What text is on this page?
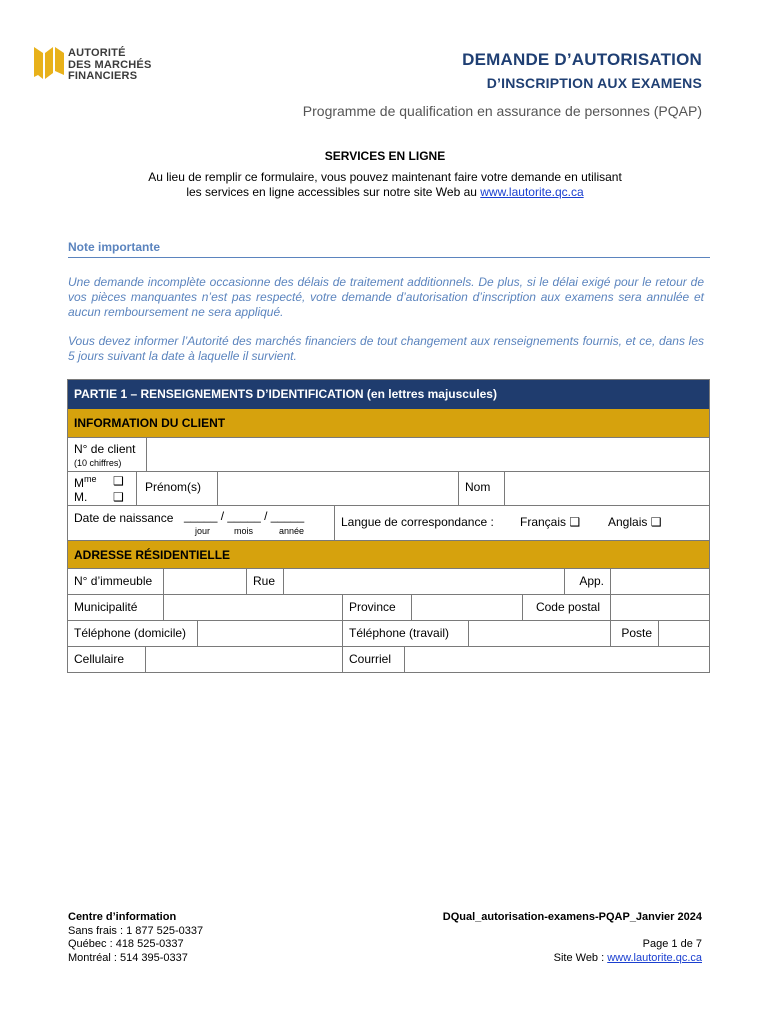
AUTORITÉ
DES MARCHÉS
FINANCIERS
DEMANDE D’AUTORISATION
D’INSCRIPTION AUX EXAMENS
Programme de qualification en assurance de personnes (PQAP)
SERVICES EN LIGNE
Au lieu de remplir ce formulaire, vous pouvez maintenant faire votre demande en utilisant
les services en ligne accessibles sur notre site Web au www.lautorite.qc.ca
Note importante
Une demande incomplète occasionne des délais de traitement additionnels. De plus, si le délai exigé pour le retour de vos pièces manquantes n’est pas respecté, votre demande d’autorisation d’inscription aux examens sera annulée et aucun remboursement ne sera appliqué.
Vous devez informer l’Autorité des marchés financiers de tout changement aux renseignements fournis, et ce, dans les 5 jours suivant la date à laquelle il survient.
PARTIE 1 – RENSEIGNEMENTS D’IDENTIFICATION (en lettres majuscules)
INFORMATION DU CLIENT
N° de client
(10 chiffres)
$M^{me}$ ❑
M. ❑
Prénom(s)	Nom
Date de naissance _____ / _____ / _____
jour	mois	année
Langue de correspondance : Français ❑ Anglais ❑
ADRESSE RÉSIDENTIELLE
N° d’immeuble	Rue	App.
Municipalité	Province	Code postal
Téléphone (domicile)	Téléphone (travail)	Poste
Cellulaire	Courriel
Centre d’information
Sans frais : 1 877 525-0337
Québec : 418 525-0337
Montréal : 514 395-0337
DQual_autorisation-examens-PQAP_Janvier 2024

Page 1 de 7
Site Web : www.lautorite.qc.ca
